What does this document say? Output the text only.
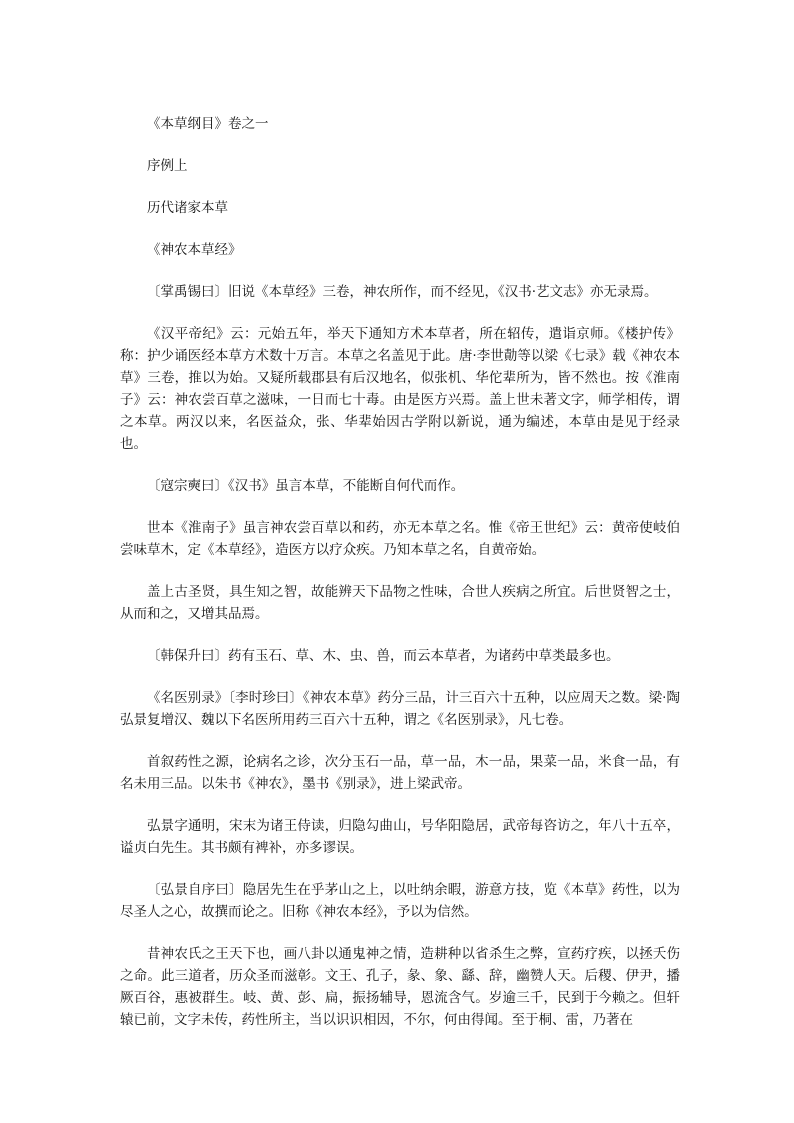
《本草纲目》卷之一

序例上

历代诸家本草

《神农本草经》

〔掌禹锡曰〕旧说《本草经》三卷，神农所作，而不经见，《汉书·艺文志》亦无录焉。

《汉平帝纪》云：元始五年，举天下通知方术本草者，所在轺传，遣诣京师。《楼护传》称：护少诵医经本草方术数十万言。本草之名盖见于此。唐·李世勣等以梁《七录》载《神农本草》三卷，推以为始。又疑所载郡县有后汉地名，似张机、华佗辈所为，皆不然也。按《淮南子》云：神农尝百草之滋味，一日而七十毒。由是医方兴焉。盖上世未著文字，师学相传，谓之本草。两汉以来，名医益众，张、华辈始因古学附以新说，通为编述，本草由是见于经录也。

〔寇宗奭曰〕《汉书》虽言本草，不能断自何代而作。

世本《淮南子》虽言神农尝百草以和药，亦无本草之名。惟《帝王世纪》云：黄帝使岐伯尝味草木，定《本草经》，造医方以疗众疾。乃知本草之名，自黄帝始。

盖上古圣贤，具生知之智，故能辨天下品物之性味，合世人疾病之所宜。后世贤智之士，从而和之，又增其品焉。

〔韩保升曰〕药有玉石、草、木、虫、兽，而云本草者，为诸药中草类最多也。

《名医别录》〔李时珍曰〕《神农本草》药分三品，计三百六十五种，以应周天之数。梁·陶弘景复增汉、魏以下名医所用药三百六十五种，谓之《名医别录》，凡七卷。

首叙药性之源，论病名之诊，次分玉石一品，草一品，木一品，果菜一品，米食一品，有名未用三品。以朱书《神农》，墨书《别录》，进上梁武帝。

弘景字通明，宋末为诸王侍读，归隐勾曲山，号华阳隐居，武帝每咨访之，年八十五卒，谥贞白先生。其书颇有裨补，亦多谬误。

〔弘景自序曰〕隐居先生在乎茅山之上，以吐纳余暇，游意方技，览《本草》药性，以为尽圣人之心，故撰而论之。旧称《神农本经》，予以为信然。

昔神农氏之王天下也，画八卦以通鬼神之情，造耕种以省杀生之弊，宣药疗疾，以拯夭伤之命。此三道者，历众圣而滋彰。文王、孔子，彖、象、繇、辞，幽赞人天。后稷、伊尹，播厥百谷，惠被群生。岐、黄、彭、扁，振扬辅导，恩流含气。岁逾三千，民到于今赖之。但轩辕已前，文字未传，药性所主，当以识识相因，不尔，何由得闻。至于桐、雷，乃著在
